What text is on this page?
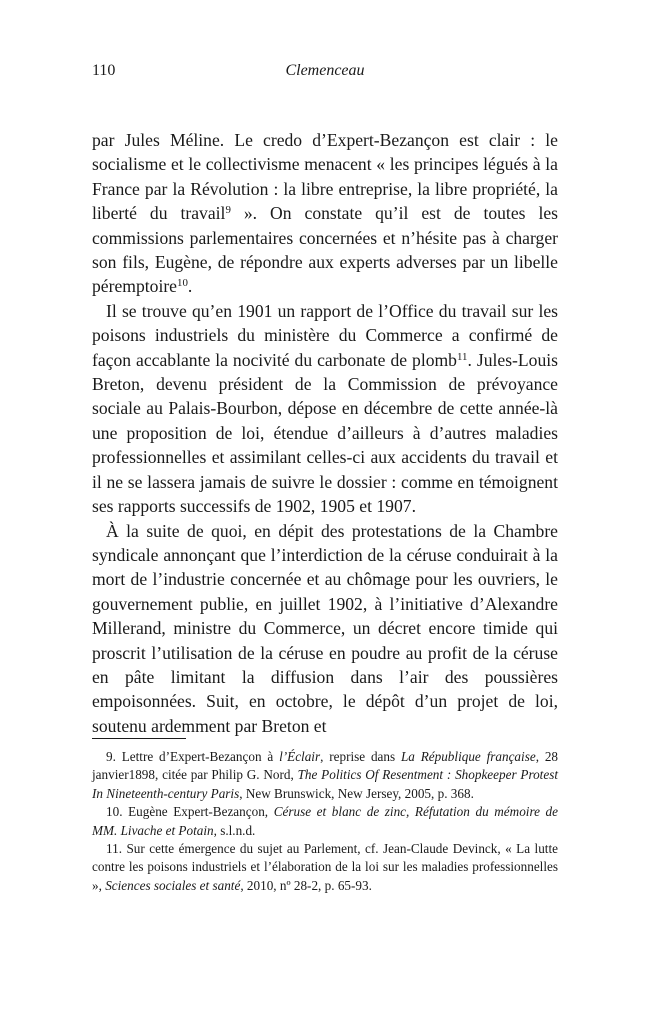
110	Clemenceau

par Jules Méline. Le credo d’Expert-Bezançon est clair : le socialisme et le collectivisme menacent « les principes légués à la France par la Révolution : la libre entreprise, la libre propriété, la liberté du travail$^9$ ». On constate qu’il est de toutes les commissions parlementaires concernées et n’hésite pas à charger son fils, Eugène, de répondre aux experts adverses par un libelle péremptoire$^{10}$.

Il se trouve qu’en 1901 un rapport de l’Office du travail sur les poisons industriels du ministère du Commerce a confirmé de façon accablante la nocivité du carbonate de plomb$^{11}$. Jules-Louis Breton, devenu président de la Commission de prévoyance sociale au Palais-Bourbon, dépose en décembre de cette année-là une proposition de loi, étendue d’ailleurs à d’autres maladies professionnelles et assimilant celles-ci aux accidents du travail et il ne se lassera jamais de suivre le dossier : comme en témoignent ses rapports successifs de 1902, 1905 et 1907.

À la suite de quoi, en dépit des protestations de la Chambre syndicale annonçant que l’interdiction de la céruse conduirait à la mort de l’industrie concernée et au chômage pour les ouvriers, le gouvernement publie, en juillet 1902, à l’initiative d’Alexandre Millerand, ministre du Commerce, un décret encore timide qui proscrit l’utilisation de la céruse en poudre au profit de la céruse en pâte limitant la diffusion dans l’air des poussières empoisonnées. Suit, en octobre, le dépôt d’un projet de loi, soutenu ardemment par Breton et

9. Lettre d’Expert-Bezançon à l’Éclair, reprise dans La République française, 28 janvier1898, citée par Philip G. Nord, The Politics Of Resentment : Shopkeeper Protest In Nineteenth-century Paris, New Brunswick, New Jersey, 2005, p. 368.

10. Eugène Expert-Bezançon, Céruse et blanc de zinc, Réfutation du mémoire de MM. Livache et Potain, s.l.n.d.

11. Sur cette émergence du sujet au Parlement, cf. Jean-Claude Devinck, « La lutte contre les poisons industriels et l’élaboration de la loi sur les maladies professionnelles », Sciences sociales et santé, 2010, nº 28-2, p. 65-93.
